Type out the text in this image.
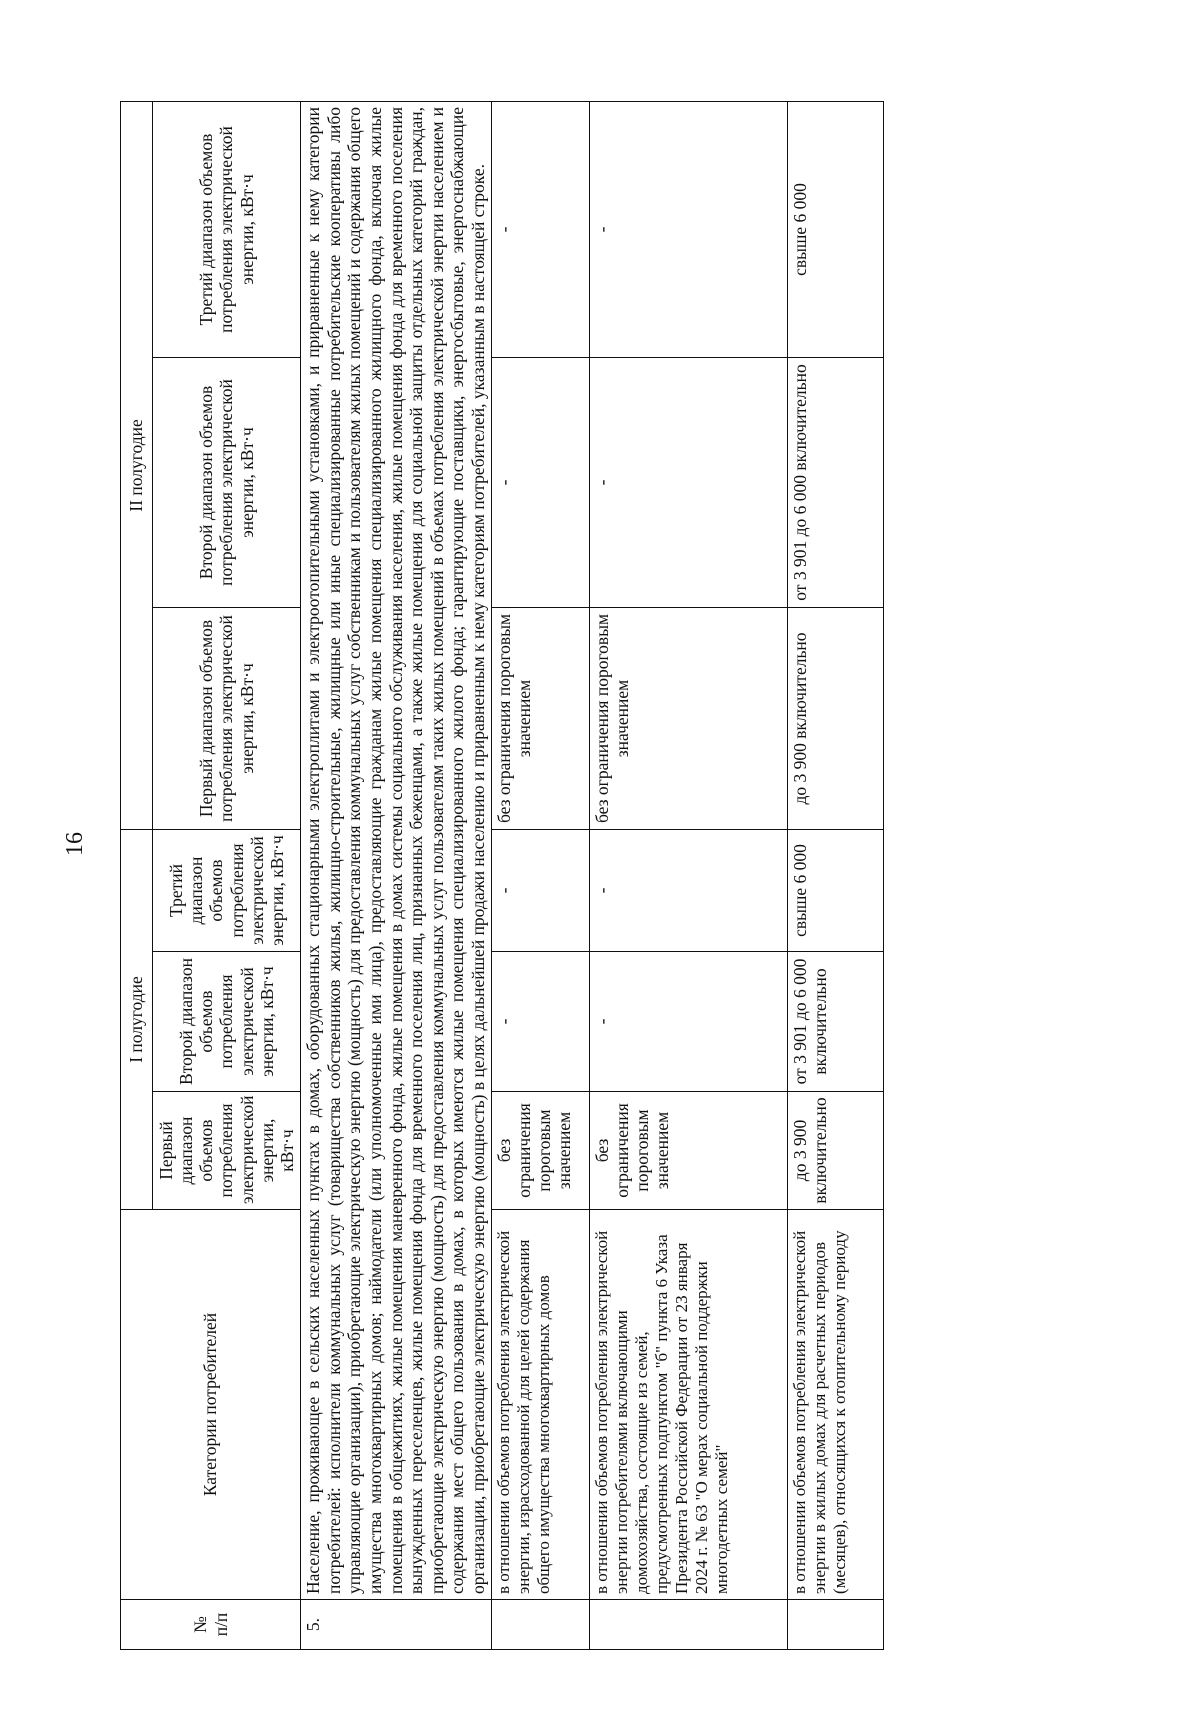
16
№
п/п	Категории потребителей	I полугодие			II полугодие		
		Первый диапазон объемов потребления электрической энергии, кВт·ч	Второй диапазон объемов потребления электрической энергии, кВт·ч	Третий диапазон объемов потребления электрической энергии, кВт·ч	Первый диапазон объемов потребления электрической энергии, кВт·ч	Второй диапазон объемов потребления электрической энергии, кВт·ч	Третий диапазон объемов потребления электрической энергии, кВт·ч
5.	Население, проживающее в сельских населенных пунктах в домах, оборудованных стационарными электроплитами и электроотопительными установками, и приравненные к нему категории потребителей: исполнители коммунальных услуг (товарищества собственников жилья, жилищно-строительные, жилищные или иные специализированные потребительские кооперативы либо управляющие организации), приобретающие электрическую энергию (мощность) для предоставления коммунальных услуг собственникам и пользователям жилых помещений и содержания общего имущества многоквартирных домов; наймодатели (или уполномоченные ими лица), предоставляющие гражданам жилые помещения специализированного жилищного фонда, включая жилые помещения в общежитиях, жилые помещения маневренного фонда, жилые помещения в домах системы социального обслуживания населения, жилые помещения фонда для временного поселения вынужденных переселенцев, жилые помещения фонда для временного поселения лиц, признанных беженцами, а также жилые помещения для социальной защиты отдельных категорий граждан, приобретающие электрическую энергию (мощность) для предоставления коммунальных услуг пользователям таких жилых помещений в объемах потребления электрической энергии населением и содержания мест общего пользования в домах, в которых имеются жилые помещения специализированного жилого фонда; гарантирующие поставщики, энергосбытовые, энергоснабжающие организации, приобретающие электрическую энергию (мощность) в целях дальнейшей продажи населению и приравненным к нему категориям потребителей, указанным в настоящей строке.						
	в отношении объемов потребления электрической энергии, израсходованной для целей содержания общего имущества многоквартирных домов	без ограничения пороговым значением	-	-	без ограничения пороговым значением	-	-
	в отношении объемов потребления электрической энергии потребителями включающими домохозяйства, состоящие из семей, предусмотренных подпунктом "б" пункта 6 Указа Президента Российской Федерации от 23 января 2024 г. № 63 "О мерах социальной поддержки многодетных семей"	без ограничения пороговым значением	-	-	без ограничения пороговым значением	-	-
	в отношении объемов потребления электрической энергии в жилых домах для расчетных периодов (месяцев), относящихся к отопительному периоду	до 3 900 включительно	от 3 901 до 6 000 включительно	свыше 6 000	до 3 900 включительно	от 3 901 до 6 000 включительно	свыше 6 000
